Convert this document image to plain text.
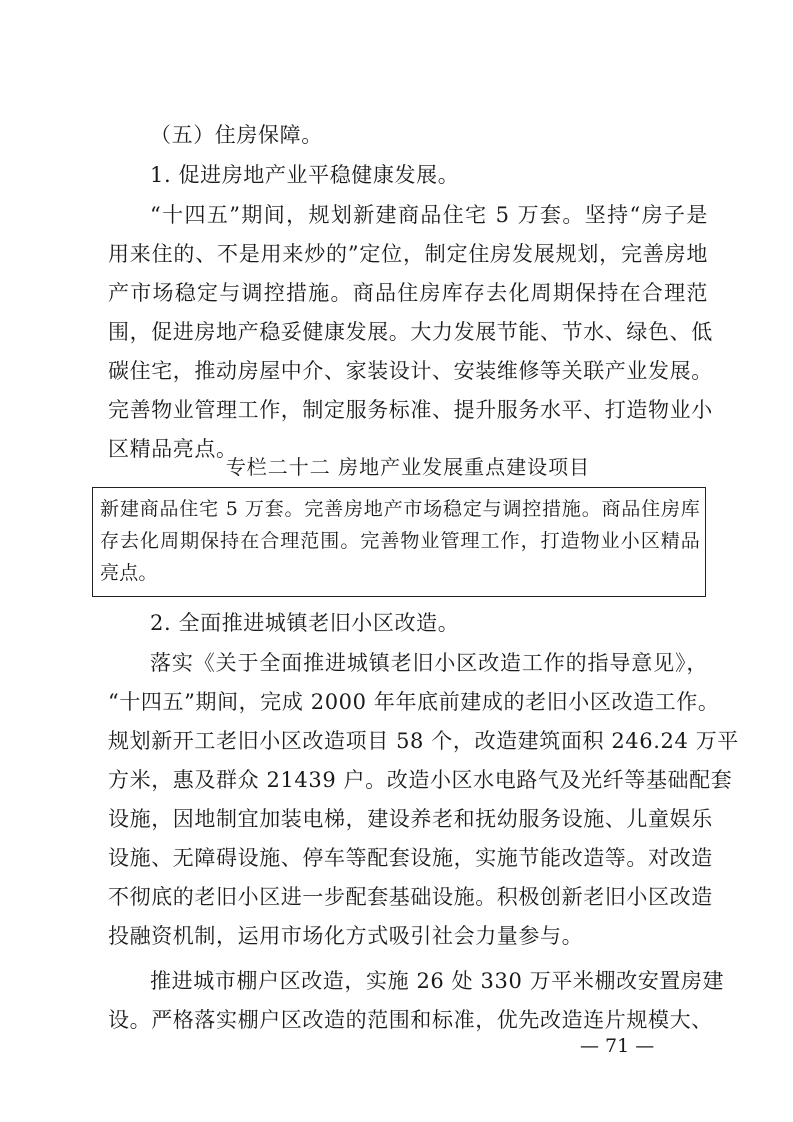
（五）住房保障。
1. 促进房地产业平稳健康发展。
“十四五”期间，规划新建商品住宅 5 万套。坚持“房子是
用来住的、不是用来炒的”定位，制定住房发展规划，完善房地
产市场稳定与调控措施。商品住房库存去化周期保持在合理范
围，促进房地产稳妥健康发展。大力发展节能、节水、绿色、低
碳住宅，推动房屋中介、家装设计、安装维修等关联产业发展。
完善物业管理工作，制定服务标准、提升服务水平、打造物业小
区精品亮点。
专栏二十二 房地产业发展重点建设项目
新建商品住宅 5 万套。完善房地产市场稳定与调控措施。商品住房库
存去化周期保持在合理范围。完善物业管理工作，打造物业小区精品
亮点。
2. 全面推进城镇老旧小区改造。
落实《关于全面推进城镇老旧小区改造工作的指导意见》，
“十四五”期间，完成 2000 年年底前建成的老旧小区改造工作。
规划新开工老旧小区改造项目 58 个，改造建筑面积 246.24 万平
方米，惠及群众 21439 户。改造小区水电路气及光纤等基础配套
设施，因地制宜加装电梯，建设养老和抚幼服务设施、儿童娱乐
设施、无障碍设施、停车等配套设施，实施节能改造等。对改造
不彻底的老旧小区进一步配套基础设施。积极创新老旧小区改造
投融资机制，运用市场化方式吸引社会力量参与。
推进城市棚户区改造，实施 26 处 330 万平米棚改安置房建
设。严格落实棚户区改造的范围和标准，优先改造连片规模大、
— 71 —
